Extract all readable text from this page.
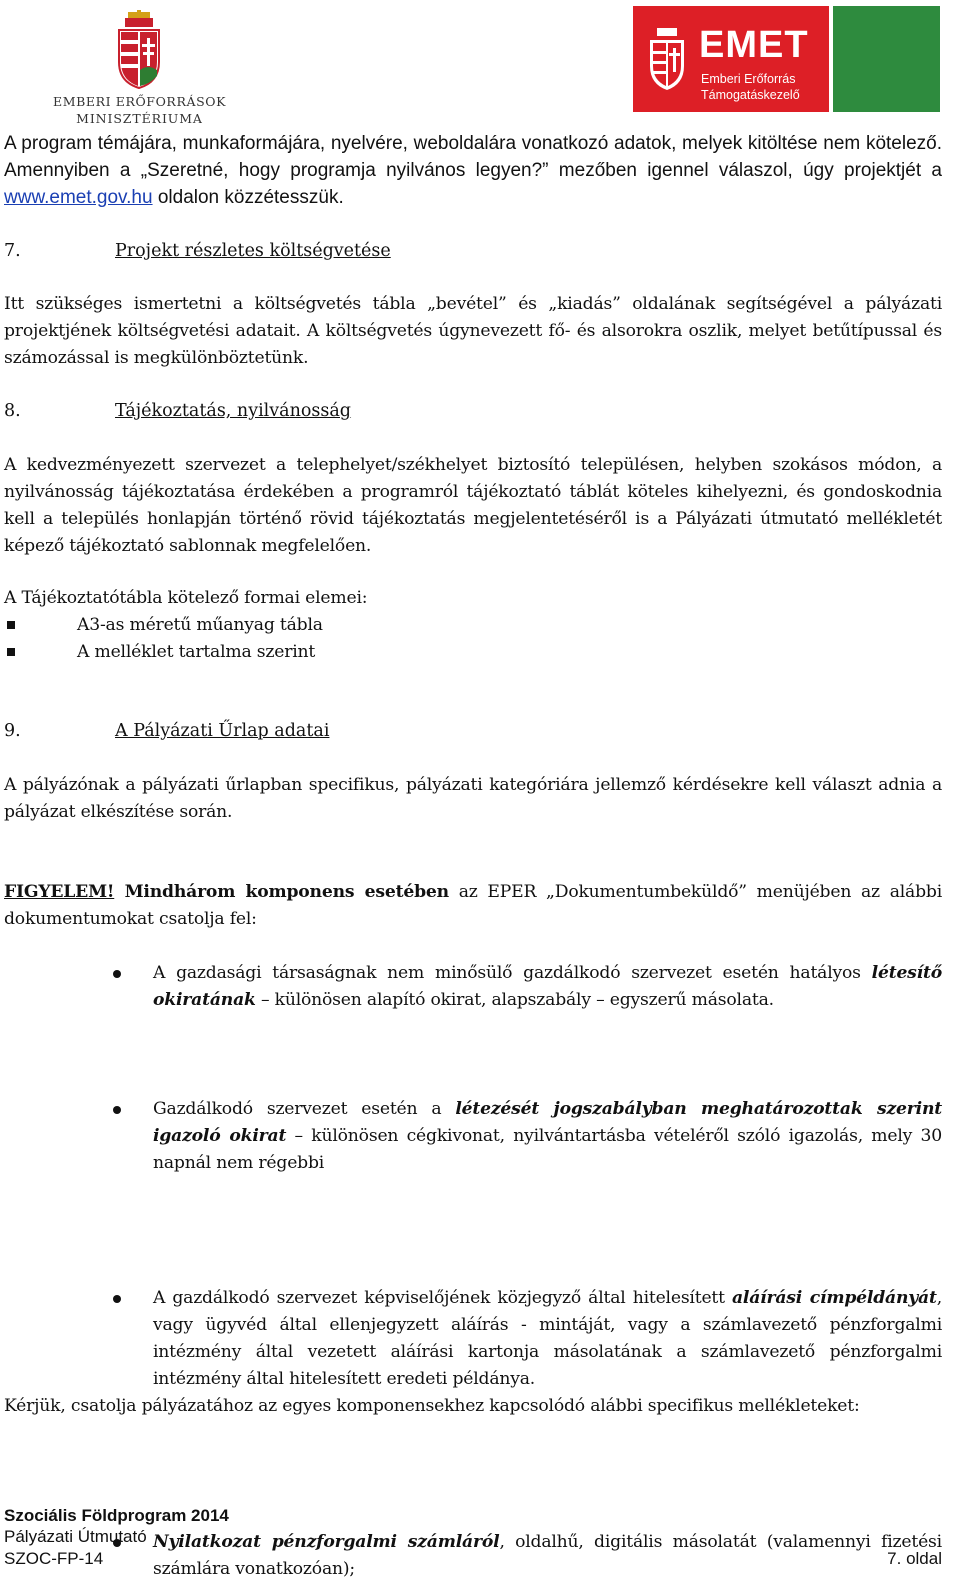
EMBERI ERŐFORRÁSOK
MINISZTÉRIUMA
EMET
Emberi Erőforrás
Támogatáskezelő
A program témájára, munkaformájára, nyelvére, weboldalára vonatkozó adatok, melyek kitöltése nem kötelező. Amennyiben a „Szeretné, hogy programja nyilvános legyen?” mezőben igennel válaszol, úgy projektjét a www.emet.gov.hu oldalon közzétesszük.
7.	Projekt részletes költségvetése
Itt szükséges ismertetni a költségvetés tábla „bevétel” és „kiadás” oldalának segítségével a pályázati projektjének költségvetési adatait. A költségvetés úgynevezett fő- és alsorokra oszlik, melyet betűtípussal és számozással is megkülönböztetünk.
8.	Tájékoztatás, nyilvánosság
A kedvezményezett szervezet a telephelyet/székhelyet biztosító településen, helyben szokásos módon, a nyilvánosság tájékoztatása érdekében a programról tájékoztató táblát köteles kihelyezni, és gondoskodnia kell a település honlapján történő rövid tájékoztatás megjelentetéséről is a Pályázati útmutató mellékletét képező tájékoztató sablonnak megfelelően.
A Tájékoztatótábla kötelező formai elemei:
A3-as méretű műanyag tábla
A melléklet tartalma szerint
9.	A Pályázati Űrlap adatai
A pályázónak a pályázati űrlapban specifikus, pályázati kategóriára jellemző kérdésekre kell választ adnia a pályázat elkészítése során.
FIGYELEM! Mindhárom komponens esetében az EPER „Dokumentumbeküldő” menüjében az alábbi dokumentumokat csatolja fel:
A gazdasági társaságnak nem minősülő gazdálkodó szervezet esetén hatályos létesítő okiratának – különösen alapító okirat, alapszabály – egyszerű másolata.
Gazdálkodó szervezet esetén a létezését jogszabályban meghatározottak szerint igazoló okirat – különösen cégkivonat, nyilvántartásba vételéről szóló igazolás, mely 30 napnál nem régebbi
A gazdálkodó szervezet képviselőjének közjegyző által hitelesített aláírási címpéldányát, vagy ügyvéd által ellenjegyzett aláírás - mintáját, vagy a számlavezető pénzforgalmi intézmény által vezetett aláírási kartonja másolatának a számlavezető pénzforgalmi intézmény által hitelesített eredeti példánya.
Nyilatkozat pénzforgalmi számláról, oldalhű, digitális másolatát (valamennyi fizetési számlára vonatkozóan);
Kérjük, csatolja pályázatához az egyes komponensekhez kapcsolódó alábbi specifikus mellékleteket:
Szociális Földprogram 2014
Pályázati Útmutató
SZOC-FP-14	7. oldal
